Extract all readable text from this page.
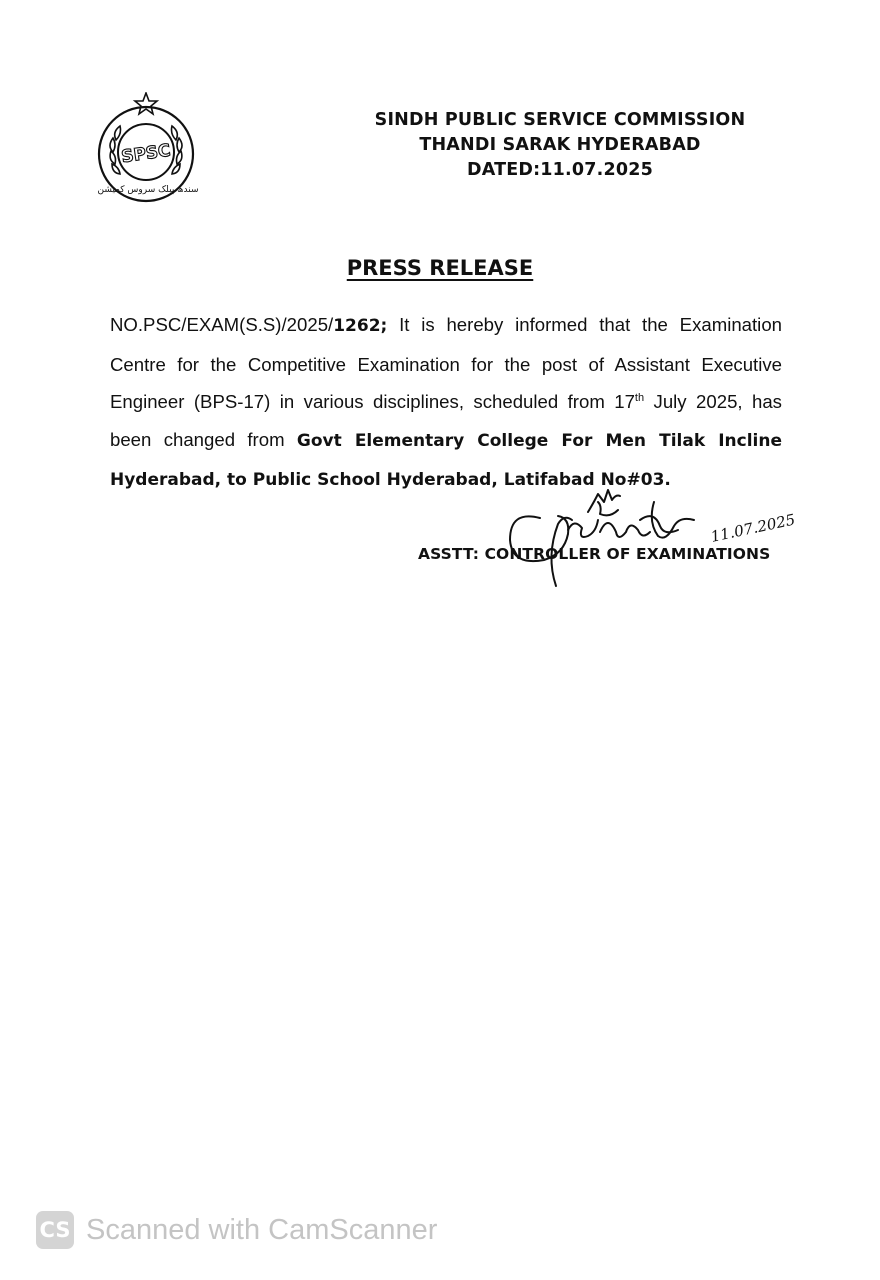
SPSC
سندھ پبلک سروس کمیشن
SINDH PUBLIC SERVICE COMMISSION
THANDI SARAK HYDERABAD
DATED:11.07.2025
PRESS RELEASE
NO.PSC/EXAM(S.S)/2025/1262; It is hereby informed that the Examination Centre for the Competitive Examination for the post of Assistant Executive Engineer (BPS-17) in various disciplines, scheduled from 17th July 2025, has been changed from Govt Elementary College For Men Tilak Incline Hyderabad, to Public School Hyderabad, Latifabad No#03.
ASSTT: CONTROLLER OF EXAMINATIONS
11.07.2025
CS Scanned with CamScanner
